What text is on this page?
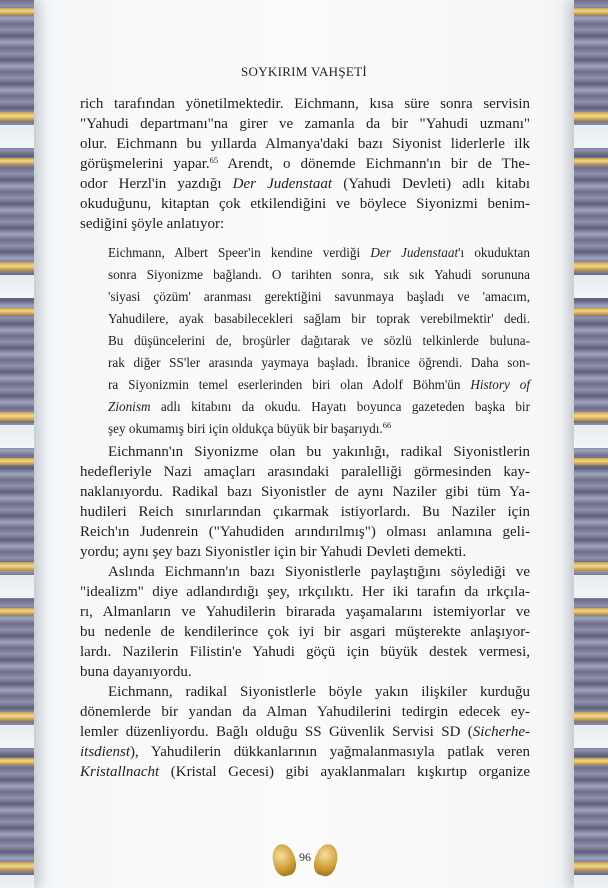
SOYKIRIM VAHŞETİ
rich tarafından yönetilmektedir. Eichmann, kısa süre sonra servisin
"Yahudi departmanı"na girer ve zamanla da bir "Yahudi uzmanı"
olur. Eichmann bu yıllarda Almanya'daki bazı Siyonist liderlerle ilk
görüşmelerini yapar.$^{65}$ Arendt, o dönemde Eichmann'ın bir de The-
odor Herzl'in yazdığı Der Judenstaat (Yahudi Devleti) adlı kitabı
okuduğunu, kitaptan çok etkilendiğini ve böylece Siyonizmi benim-
sediğini şöyle anlatıyor:
Eichmann, Albert Speer'in kendine verdiği Der Judenstaat'ı okuduktan
sonra Siyonizme bağlandı. O tarihten sonra, sık sık Yahudi sorununa
'siyasi çözüm' aranması gerektiğini savunmaya başladı ve 'amacım,
Yahudilere, ayak basabilecekleri sağlam bir toprak verebilmektir' dedi.
Bu düşüncelerini de, broşürler dağıtarak ve sözlü telkinlerde buluna-
rak diğer SS'ler arasında yaymaya başladı. İbranice öğrendi. Daha son-
ra Siyonizmin temel eserlerinden biri olan Adolf Böhm'ün History of
Zionism adlı kitabını da okudu. Hayatı boyunca gazeteden başka bir
şey okumamış biri için oldukça büyük bir başarıydı.$^{66}$
Eichmann'ın Siyonizme olan bu yakınlığı, radikal Siyonistlerin
hedefleriyle Nazi amaçları arasındaki paralelliği görmesinden kay-
naklanıyordu. Radikal bazı Siyonistler de aynı Naziler gibi tüm Ya-
hudileri Reich sınırlarından çıkarmak istiyorlardı. Bu Naziler için
Reich'ın Judenrein ("Yahudiden arındırılmış") olması anlamına geli-
yordu; aynı şey bazı Siyonistler için bir Yahudi Devleti demekti.
Aslında Eichmann'ın bazı Siyonistlerle paylaştığını söylediği ve
"idealizm" diye adlandırdığı şey, ırkçılıktı. Her iki tarafın da ırkçıla-
rı, Almanların ve Yahudilerin birarada yaşamalarını istemiyorlar ve
bu nedenle de kendilerince çok iyi bir asgari müşterekte anlaşıyor-
lardı. Nazilerin Filistin'e Yahudi göçü için büyük destek vermesi,
buna dayanıyordu.
Eichmann, radikal Siyonistlerle böyle yakın ilişkiler kurduğu
dönemlerde bir yandan da Alman Yahudilerini tedirgin edecek ey-
lemler düzenliyordu. Bağlı olduğu SS Güvenlik Servisi SD (Sicherhe-
itsdienst), Yahudilerin dükkanlarının yağmalanmasıyla patlak veren
Kristallnacht (Kristal Gecesi) gibi ayaklanmaları kışkırtıp organize
$_{96}$
